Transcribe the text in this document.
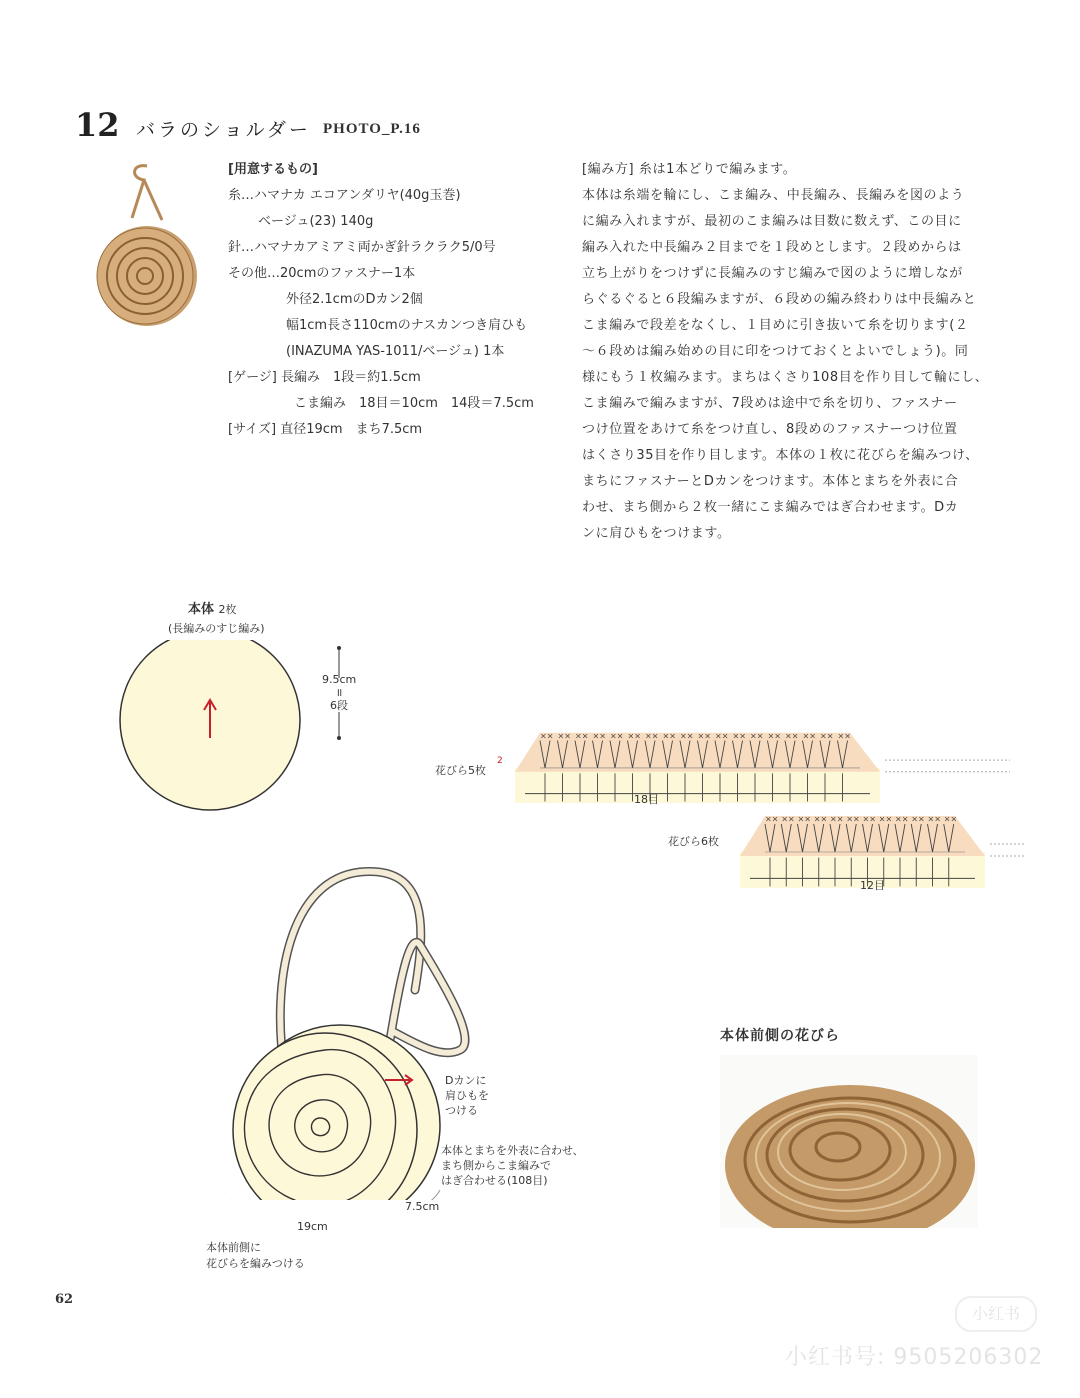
12 バラのショルダー PHOTO_P.16
[用意するもの]
糸…ハマナカ エコアンダリヤ(40g玉巻)
ベージュ(23) 140g
針…ハマナカアミアミ両かぎ針ラクラク5/0号
その他…20cmのファスナー1本
外径2.1cmのDカン2個
幅1cm長さ110cmのナスカンつき肩ひも
(INAZUMA YAS-1011/ベージュ) 1本
[ゲージ] 長編み　1段＝約1.5cm
こま編み　18目＝10cm　14段＝7.5cm
[サイズ] 直径19cm　まち7.5cm
[編み方] 糸は1本どりで編みます。
本体は糸端を輪にし、こま編み、中長編み、長編みを図のよう
に編み入れますが、最初のこま編みは目数に数えず、この目に
編み入れた中長編み２目までを１段めとします。２段めからは
立ち上がりをつけずに長編みのすじ編みで図のように増しなが
らぐるぐると６段編みますが、６段めの編み終わりは中長編みと
こま編みで段差をなくし、１目めに引き抜いて糸を切ります(２
～６段めは編み始めの目に印をつけておくとよいでしょう)。同
様にもう１枚編みます。まちはくさり108目を作り目して輪にし、
こま編みで編みますが、7段めは途中で糸を切り、ファスナー
つけ位置をあけて糸をつけ直し、8段めのファスナーつけ位置
はくさり35目を作り目します。本体の１枚に花びらを編みつけ、
まちにファスナーとDカンをつけます。本体とまちを外表に合
わせ、まち側から２枚一緒にこま編みではぎ合わせます。Dカ
ンに肩ひもをつけます。
本体 2枚
(長編みのすじ編み)
9.5cm
॥
6段
花びら5枚
2
×× ×× ×× ×× ×× ×× ×× ×× ×× ×× ×× ×× ×× ×× ×× ×× ×× ××
18目
花びら6枚
×× ×× ×× ×× ×× ×× ×× ×× ×× ×× ×× ××
12目
Dカンに
肩ひもを
つける
本体とまちを外表に合わせ、
まち側からこま編みで
はぎ合わせる(108目)
7.5cm
19cm
本体前側に
花びらを編みつける
本体前側の花びら
62
小红书
小红书号: 9505206302
